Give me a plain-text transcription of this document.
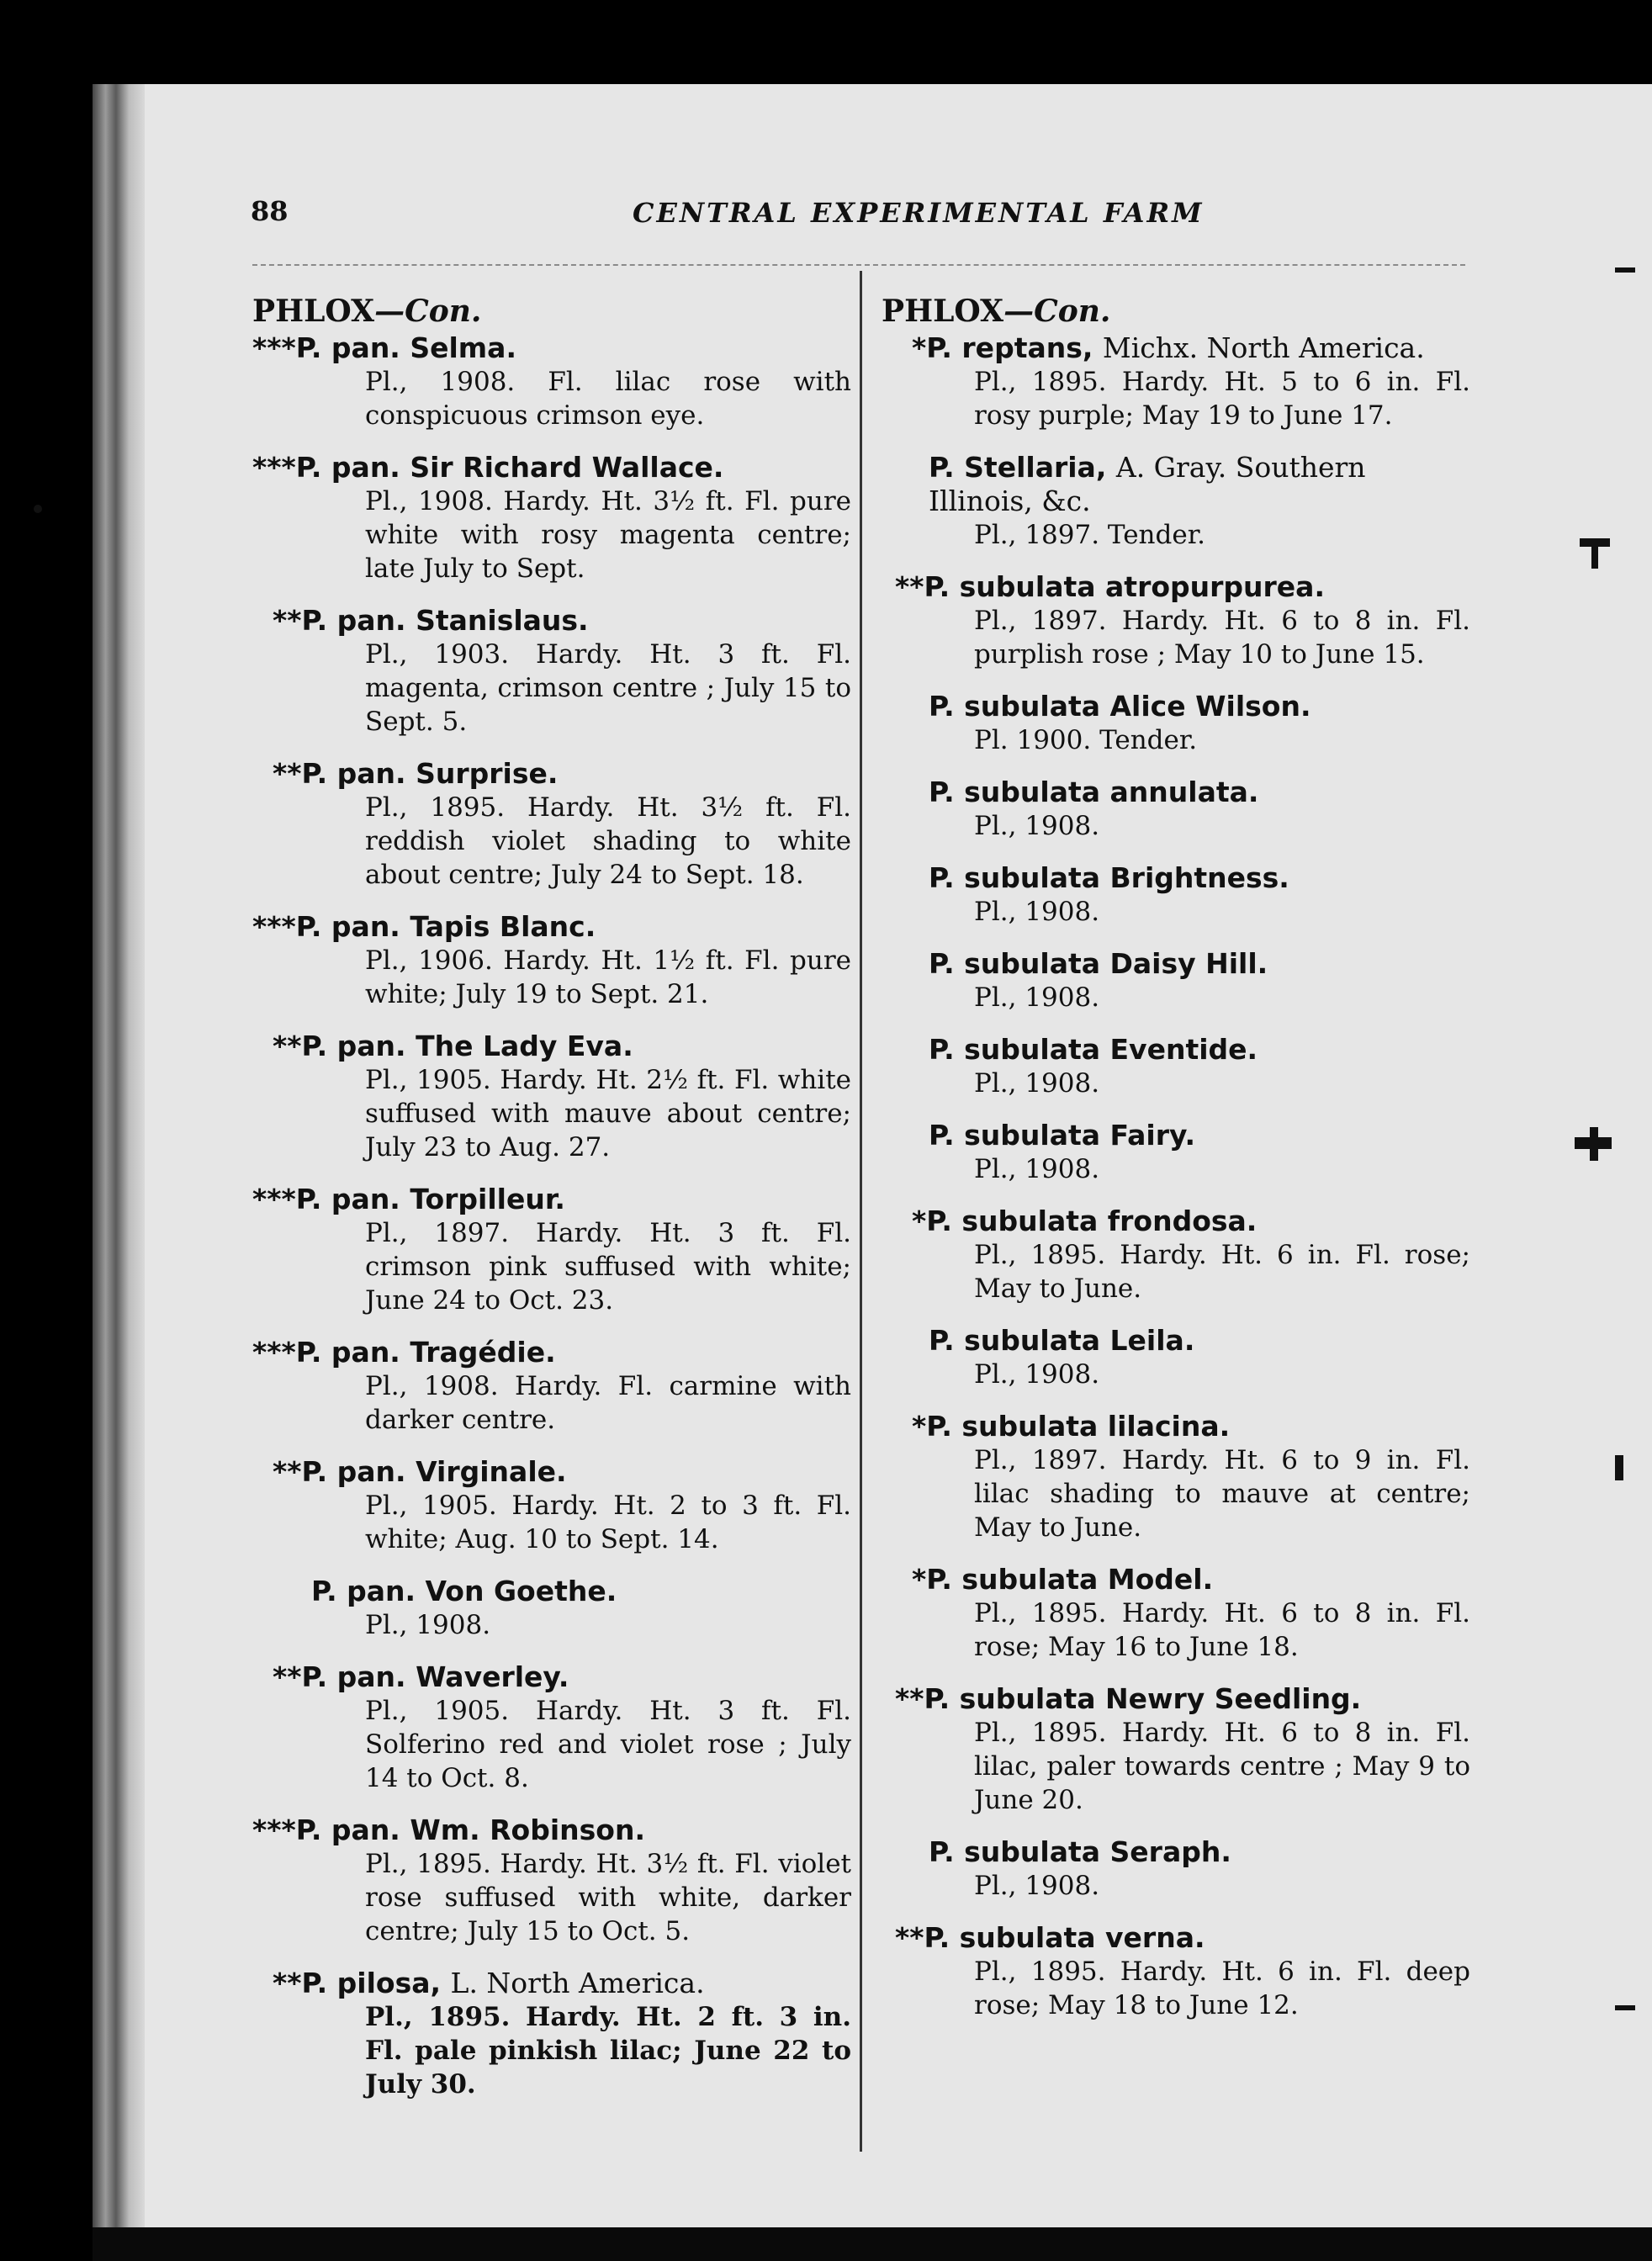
88	CENTRAL EXPERIMENTAL FARM
PHLOX—Con.
***P. pan. Selma.
Pl., 1908. Fl. lilac rose with conspicuous crimson eye.
***P. pan. Sir Richard Wallace.
Pl., 1908. Hardy. Ht. 3½ ft. Fl. pure white with rosy magenta centre; late July to Sept.
**P. pan. Stanislaus.
Pl., 1903. Hardy. Ht. 3 ft. Fl. magenta, crimson centre ; July 15 to Sept. 5.
**P. pan. Surprise.
Pl., 1895. Hardy. Ht. 3½ ft. Fl. reddish violet shading to white about centre; July 24 to Sept. 18.
***P. pan. Tapis Blanc.
Pl., 1906. Hardy. Ht. 1½ ft. Fl. pure white; July 19 to Sept. 21.
**P. pan. The Lady Eva.
Pl., 1905. Hardy. Ht. 2½ ft. Fl. white suffused with mauve about centre; July 23 to Aug. 27.
***P. pan. Torpilleur.
Pl., 1897. Hardy. Ht. 3 ft. Fl. crimson pink suffused with white; June 24 to Oct. 23.
***P. pan. Tragédie.
Pl., 1908. Hardy. Fl. carmine with darker centre.
**P. pan. Virginale.
Pl., 1905. Hardy. Ht. 2 to 3 ft. Fl. white; Aug. 10 to Sept. 14.
P. pan. Von Goethe.
Pl., 1908.
**P. pan. Waverley.
Pl., 1905. Hardy. Ht. 3 ft. Fl. Solferino red and violet rose ; July 14 to Oct. 8.
***P. pan. Wm. Robinson.
Pl., 1895. Hardy. Ht. 3½ ft. Fl. violet rose suffused with white, darker centre; July 15 to Oct. 5.
**P. pilosa, L. North America.
Pl., 1895. Hardy. Ht. 2 ft. 3 in. Fl. pale pinkish lilac; June 22 to July 30.
PHLOX—Con.
*P. reptans, Michx. North America.
Pl., 1895. Hardy. Ht. 5 to 6 in. Fl. rosy purple; May 19 to June 17.
P. Stellaria, A. Gray. Southern Illinois, &c.
Pl., 1897. Tender.
**P. subulata atropurpurea.
Pl., 1897. Hardy. Ht. 6 to 8 in. Fl. purplish rose ; May 10 to June 15.
P. subulata Alice Wilson.
Pl. 1900. Tender.
P. subulata annulata.
Pl., 1908.
P. subulata Brightness.
Pl., 1908.
P. subulata Daisy Hill.
Pl., 1908.
P. subulata Eventide.
Pl., 1908.
P. subulata Fairy.
Pl., 1908.
*P. subulata frondosa.
Pl., 1895. Hardy. Ht. 6 in. Fl. rose; May to June.
P. subulata Leila.
Pl., 1908.
*P. subulata lilacina.
Pl., 1897. Hardy. Ht. 6 to 9 in. Fl. lilac shading to mauve at centre; May to June.
*P. subulata Model.
Pl., 1895. Hardy. Ht. 6 to 8 in. Fl. rose; May 16 to June 18.
**P. subulata Newry Seedling.
Pl., 1895. Hardy. Ht. 6 to 8 in. Fl. lilac, paler towards centre ; May 9 to June 20.
P. subulata Seraph.
Pl., 1908.
**P. subulata verna.
Pl., 1895. Hardy. Ht. 6 in. Fl. deep rose; May 18 to June 12.
